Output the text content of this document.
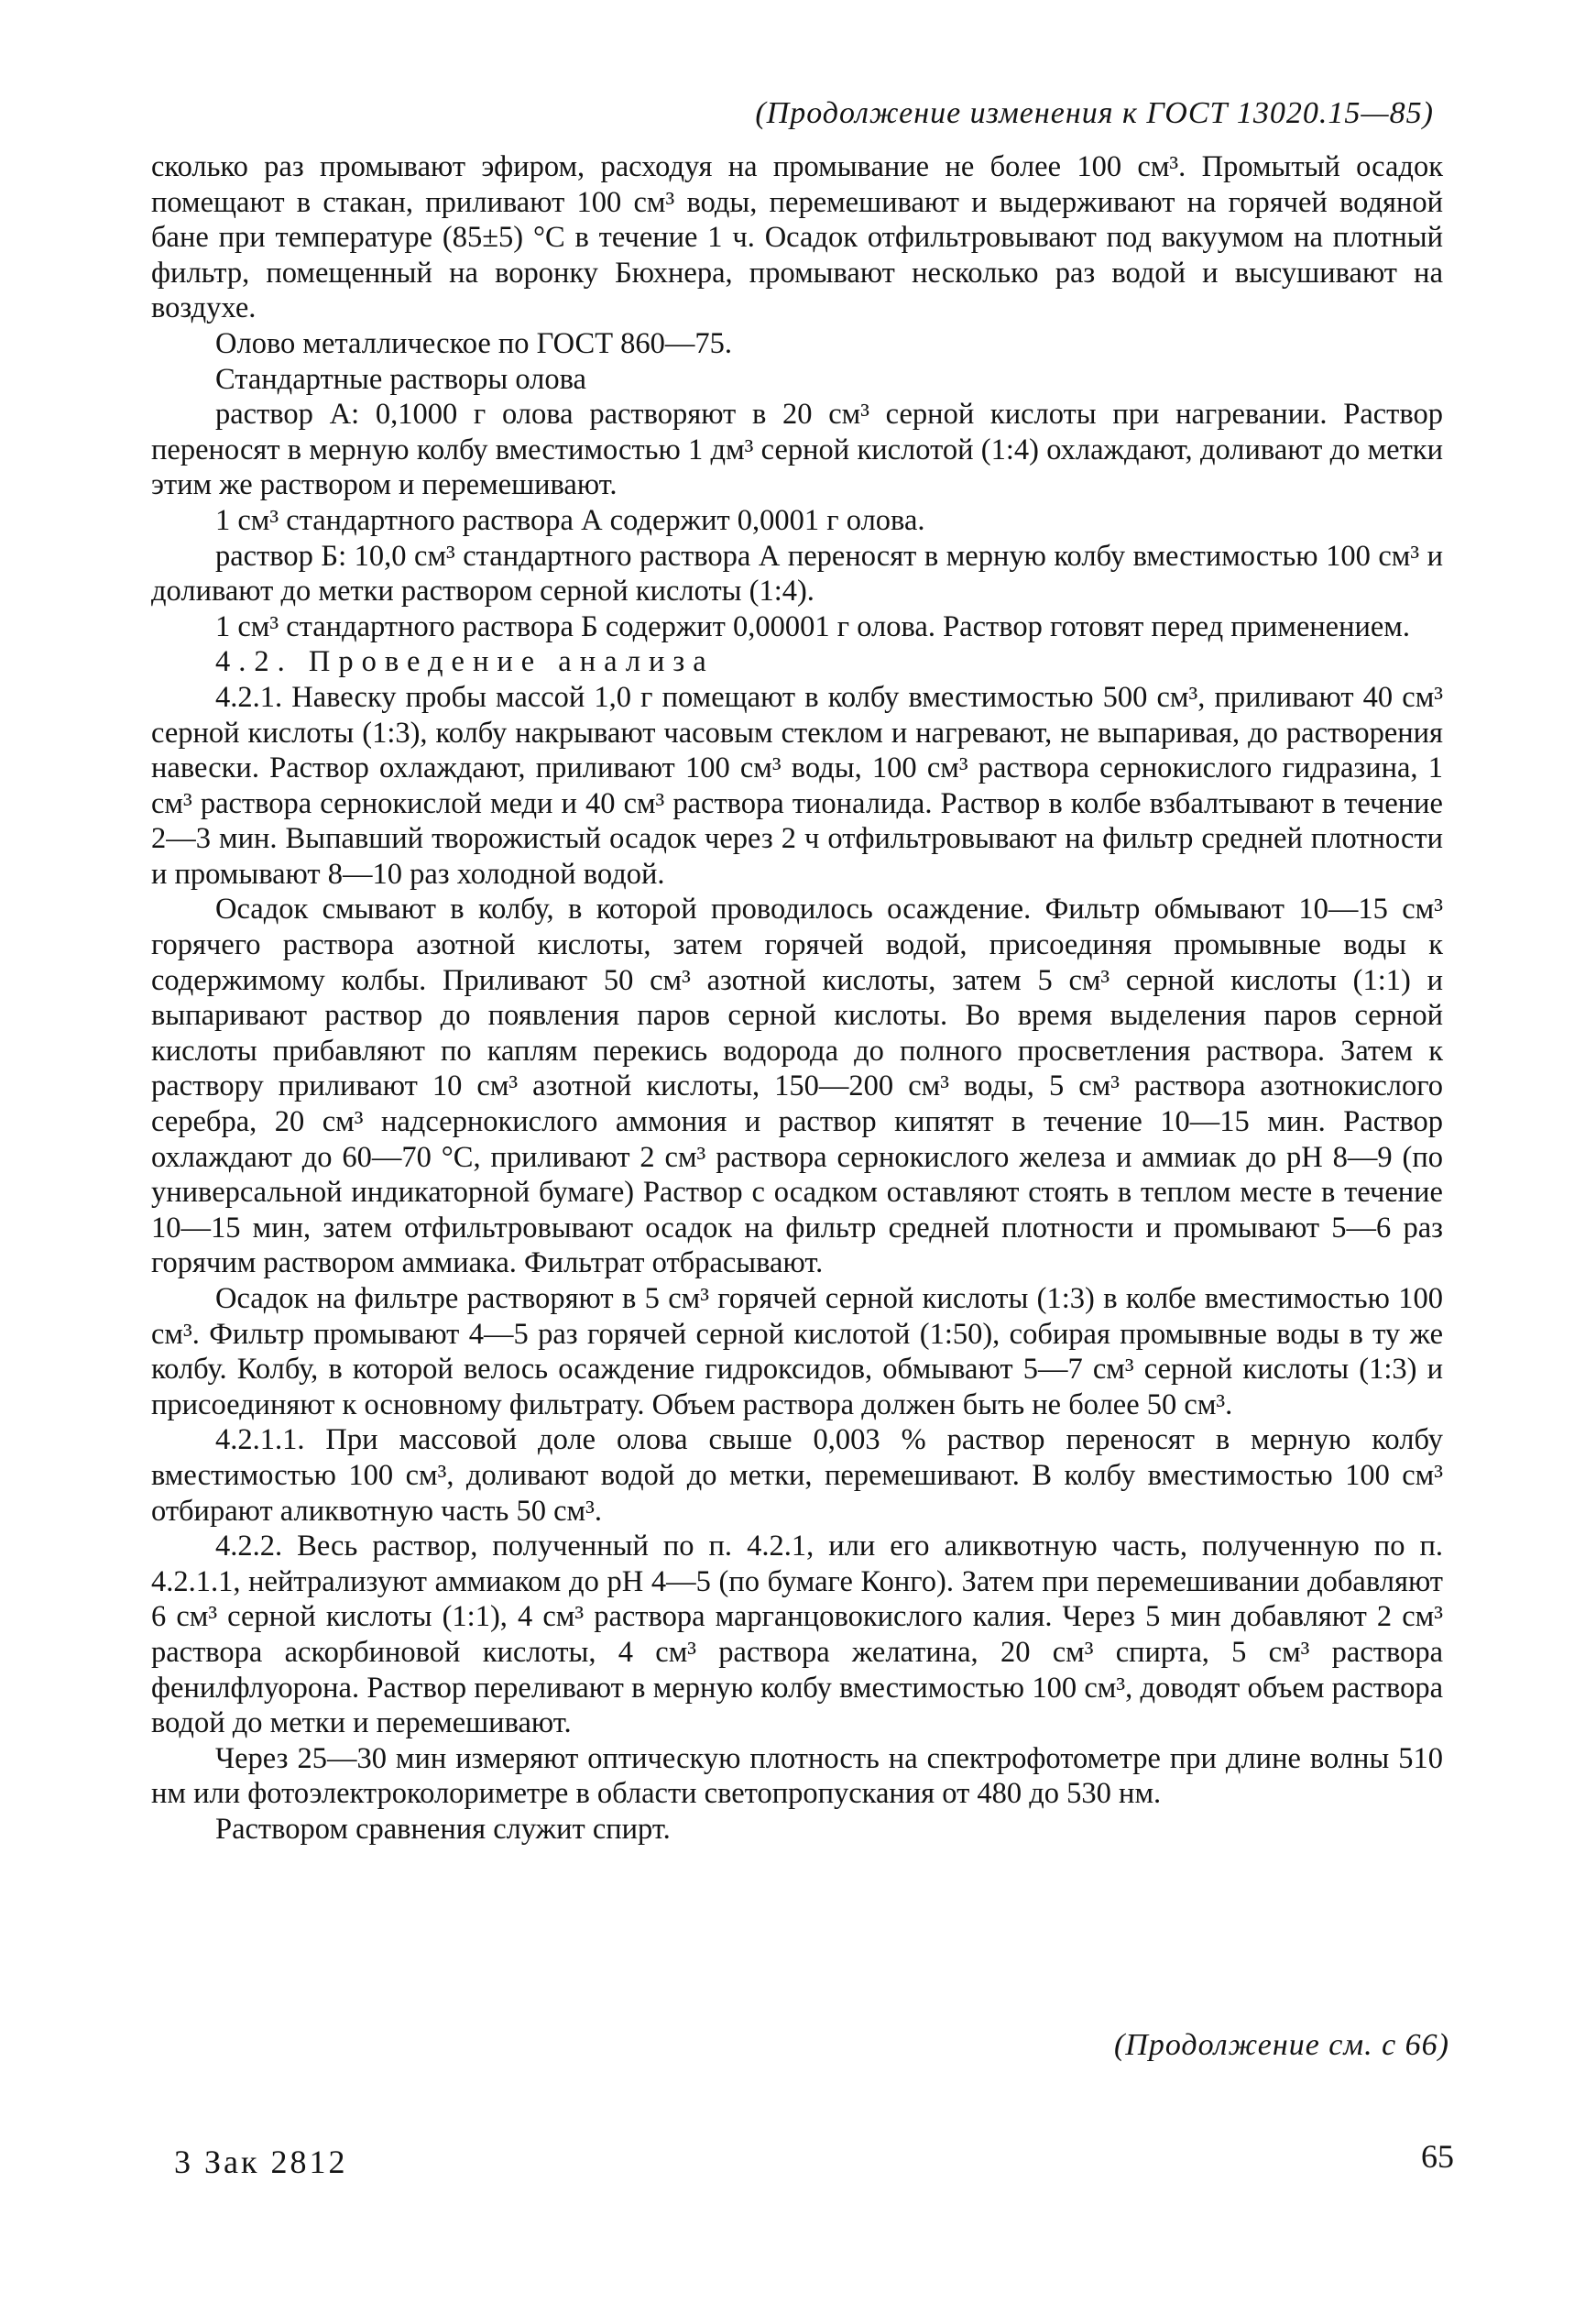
(Продолжение изменения к ГОСТ 13020.15—85)

сколько раз промывают эфиром, расходуя на промывание не более 100 см³. Промытый осадок помещают в стакан, приливают 100 см³ воды, перемешивают и выдерживают на горячей водяной бане при температуре (85±5) °С в течение 1 ч. Осадок отфильтровывают под вакуумом на плотный фильтр, помещенный на воронку Бюхнера, промывают несколько раз водой и высушивают на воздухе.

Олово металлическое по ГОСТ 860—75.

Стандартные растворы олова

раствор А: 0,1000 г олова растворяют в 20 см³ серной кислоты при нагревании. Раствор переносят в мерную колбу вместимостью 1 дм³ серной кислотой (1:4) охлаждают, доливают до метки этим же раствором и перемешивают.

1 см³ стандартного раствора А содержит 0,0001 г олова.

раствор Б: 10,0 см³ стандартного раствора А переносят в мерную колбу вместимостью 100 см³ и доливают до метки раствором серной кислоты (1:4).

1 см³ стандартного раствора Б содержит 0,00001 г олова. Раствор готовят перед применением.

4.2. Проведение анализа

4.2.1. Навеску пробы массой 1,0 г помещают в колбу вместимостью 500 см³, приливают 40 см³ серной кислоты (1:3), колбу накрывают часовым стеклом и нагревают, не выпаривая, до растворения навески. Раствор охлаждают, приливают 100 см³ воды, 100 см³ раствора сернокислого гидразина, 1 см³ раствора сернокислой меди и 40 см³ раствора тионалида. Раствор в колбе взбалтывают в течение 2—3 мин. Выпавший творожистый осадок через 2 ч отфильтровывают на фильтр средней плотности и промывают 8—10 раз холодной водой.

Осадок смывают в колбу, в которой проводилось осаждение. Фильтр обмывают 10—15 см³ горячего раствора азотной кислоты, затем горячей водой, присоединяя промывные воды к содержимому колбы. Приливают 50 см³ азотной кислоты, затем 5 см³ серной кислоты (1:1) и выпаривают раствор до появления паров серной кислоты. Во время выделения паров серной кислоты прибавляют по каплям перекись водорода до полного просветления раствора. Затем к раствору приливают 10 см³ азотной кислоты, 150—200 см³ воды, 5 см³ раствора азотнокислого серебра, 20 см³ надсернокислого аммония и раствор кипятят в течение 10—15 мин. Раствор охлаждают до 60—70 °С, приливают 2 см³ раствора сернокислого железа и аммиак до рН 8—9 (по универсальной индикаторной бумаге) Раствор с осадком оставляют стоять в теплом месте в течение 10—15 мин, затем отфильтровывают осадок на фильтр средней плотности и промывают 5—6 раз горячим раствором аммиака. Фильтрат отбрасывают.

Осадок на фильтре растворяют в 5 см³ горячей серной кислоты (1:3) в колбе вместимостью 100 см³. Фильтр промывают 4—5 раз горячей серной кислотой (1:50), собирая промывные воды в ту же колбу. Колбу, в которой велось осаждение гидроксидов, обмывают 5—7 см³ серной кислоты (1:3) и присоединяют к основному фильтрату. Объем раствора должен быть не более 50 см³.

4.2.1.1. При массовой доле олова свыше 0,003 % раствор переносят в мерную колбу вместимостью 100 см³, доливают водой до метки, перемешивают. В колбу вместимостью 100 см³ отбирают аликвотную часть 50 см³.

4.2.2. Весь раствор, полученный по п. 4.2.1, или его аликвотную часть, полученную по п. 4.2.1.1, нейтрализуют аммиаком до рН 4—5 (по бумаге Конго). Затем при перемешивании добавляют 6 см³ серной кислоты (1:1), 4 см³ раствора марганцовокислого калия. Через 5 мин добавляют 2 см³ раствора аскорбиновой кислоты, 4 см³ раствора желатина, 20 см³ спирта, 5 см³ раствора фенилфлуорона. Раствор переливают в мерную колбу вместимостью 100 см³, доводят объем раствора водой до метки и перемешивают.

Через 25—30 мин измеряют оптическую плотность на спектрофотометре при длине волны 510 нм или фотоэлектроколориметре в области светопропускания от 480 до 530 нм.

Раствором сравнения служит спирт.

(Продолжение см. с 66)
3 Зак 2812	65
